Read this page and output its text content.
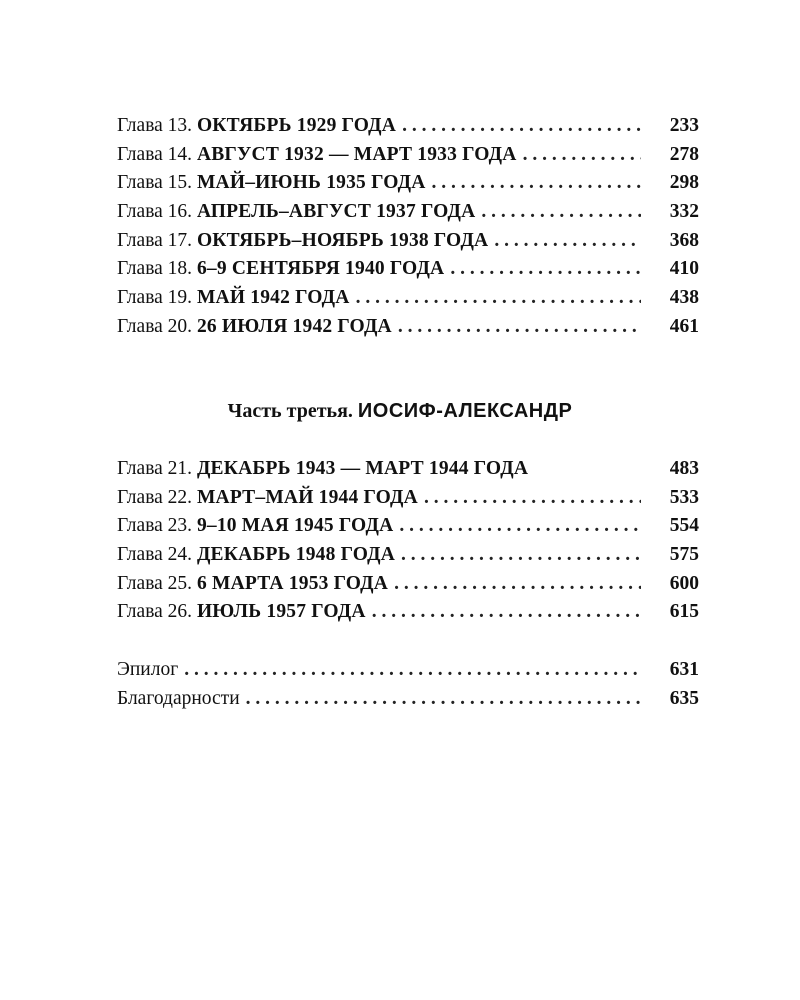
Глава 13. ОКТЯБРЬ 1929 ГОДА . . .	233
Глава 14. АВГУСТ 1932 — МАРТ 1933 ГОДА . . .	278
Глава 15. МАЙ–ИЮНЬ 1935 ГОДА . . .	298
Глава 16. АПРЕЛЬ–АВГУСТ 1937 ГОДА . . .	332
Глава 17. ОКТЯБРЬ–НОЯБРЬ 1938 ГОДА . . .	368
Глава 18. 6–9 СЕНТЯБРЯ 1940 ГОДА . . .	410
Глава 19. МАЙ 1942 ГОДА . . .	438
Глава 20. 26 ИЮЛЯ 1942 ГОДА . . .	461
Часть третья. ИОСИФ-АЛЕКСАНДР
Глава 21. ДЕКАБРЬ 1943 — МАРТ 1944 ГОДА	483
Глава 22. МАРТ–МАЙ 1944 ГОДА . . .	533
Глава 23. 9–10 МАЯ 1945 ГОДА . . .	554
Глава 24. ДЕКАБРЬ 1948 ГОДА . . .	575
Глава 25. 6 МАРТА 1953 ГОДА . . .	600
Глава 26. ИЮЛЬ 1957 ГОДА . . .	615
Эпилог . . .	631
Благодарности . . .	635
